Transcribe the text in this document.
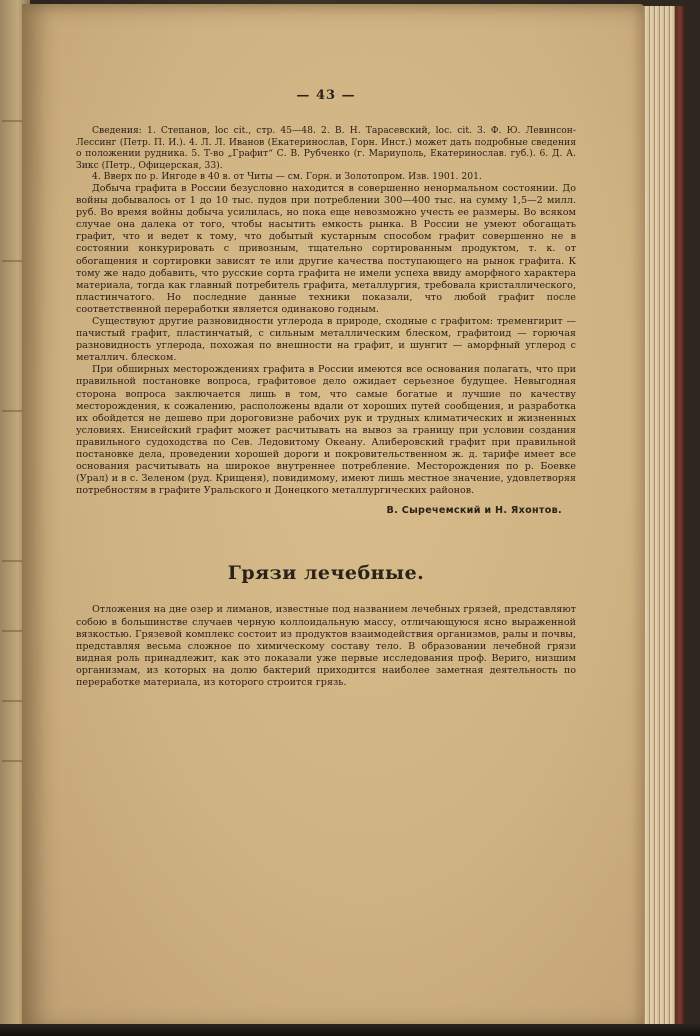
— 43 —

Сведения: 1. Степанов, loc cit., стр. 45—48. 2. В. Н. Тарасевский, loc. cit. 3. Ф. Ю. Левинсон-Лессинг (Петр. П. И.). 4. Л. Л. Иванов (Екатеринослав, Горн. Инст.) может дать подробные сведения о положении рудника. 5. Т-во „Графит“ С. В. Рубченко (г. Мариуполь, Екатеринослав. губ.). 6. Д. А. Зикс (Петр., Офицерская, 33).

4. Вверх по р. Ингоде в 40 в. от Читы — см. Горн. и Золотопром. Изв. 1901. 201.

Добыча графита в России безусловно находится в совершенно ненормальном состоянии. До войны добывалось от 1 до 10 тыс. пудов при потреблении 300—400 тыс. на сумму 1,5—2 милл. руб. Во время войны добыча усилилась, но пока еще невозможно учесть ее размеры. Во всяком случае она далека от того, чтобы насытить емкость рынка. В России не умеют обогащать графит, что и ведет к тому, что добытый кустарным способом графит совершенно не в состоянии конкурировать с привозным, тщательно сортированным продуктом, т. к. от обогащения и сортировки зависят те или другие качества поступающего на рынок графита. К тому же надо добавить, что русские сорта графита не имели успеха ввиду аморфного характера материала, тогда как главный потребитель графита, металлургия, требовала кристаллического, пластинчатого. Но последние данные техники показали, что любой графит после соответственной переработки является одинаково годным.

Существуют другие разновидности углерода в природе, сходные с графитом: тременгирит — пачистый графит, пластинчатый, с сильным металлическим блеском, графитоид — горючая разновидность углерода, похожая по внешности на графит, и шунгит — аморфный углерод с металлич. блеском.

При обширных месторождениях графита в России имеются все основания полагать, что при правильной постановке вопроса, графитовое дело ожидает серьезное будущее. Невыгодная сторона вопроса заключается лишь в том, что самые богатые и лучшие по качеству месторождения, к сожалению, расположены вдали от хороших путей сообщения, и разработка их обойдется не дешево при дороговизне рабочих рук и трудных климатических и жизненных условиях. Енисейский графит может расчитывать на вывоз за границу при условии создания правильного судоходства по Сев. Ледовитому Океану. Алиберовский графит при правильной постановке дела, проведении хорошей дороги и покровительственном ж. д. тарифе имеет все основания расчитывать на широкое внутреннее потребление. Месторождения по р. Боевке (Урал) и в с. Зеленом (руд. Крищеня), повидимому, имеют лишь местное значение, удовлетворяя потребностям в графите Уральского и Донецкого металлургических районов.

В. Сыречемский и Н. Яхонтов.
Грязи лечебные.

Отложения на дне озер и лиманов, известные под названием лечебных грязей, представляют собою в большинстве случаев черную коллоидальную массу, отличающуюся ясно выраженной вязкостью. Грязевой комплекс состоит из продуктов взаимодействия организмов, ралы и почвы, представляя весьма сложное по химическому составу тело. В образовании лечебной грязи видная роль принадлежит, как это показали уже первые исследования проф. Вериго, низшим организмам, из которых на долю бактерий приходится наиболее заметная деятельность по переработке материала, из которого строится грязь.
